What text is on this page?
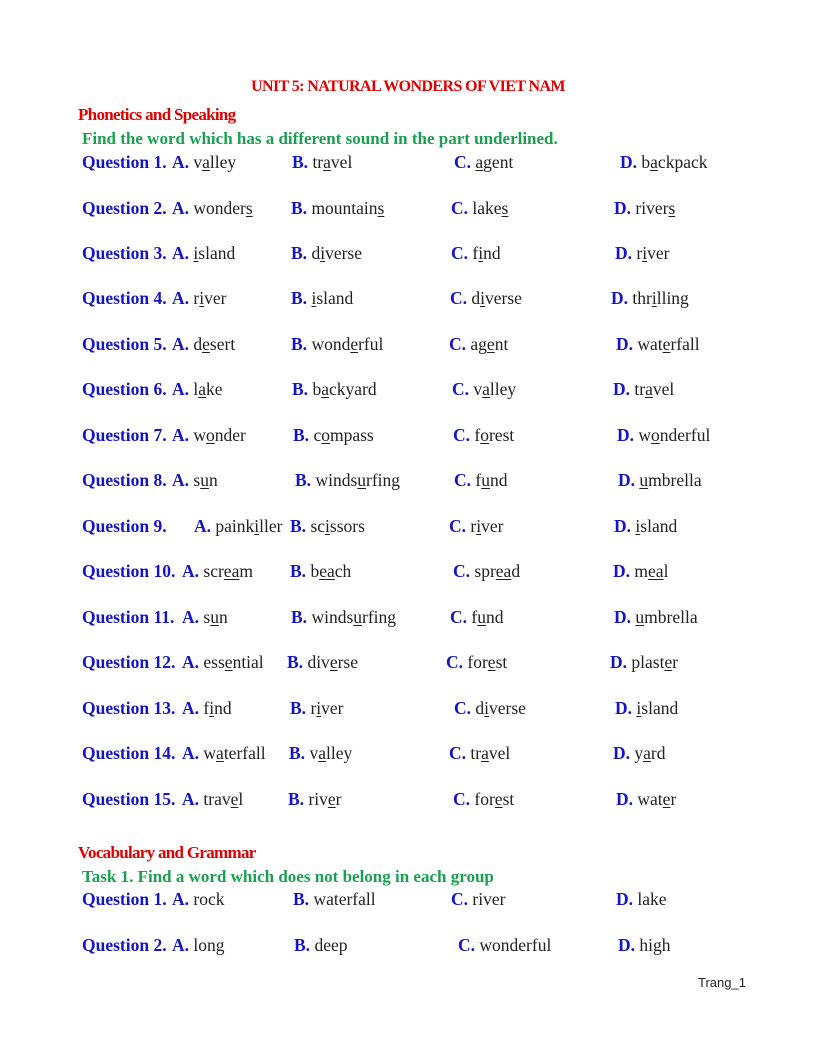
UNIT 5: NATURAL WONDERS OF VIET NAM
Phonetics and Speaking
Find the word which has a different sound in the part underlined.
Question 1. A. valley	B. travel	C. agent	D. backpack
Question 2. A. wonders B. mountains	C. lakes	D. rivers
Question 3. A. island	B. diverse	C. find	D. river
Question 4. A. river	B. island	C. diverse	D. thrilling
Question 5. A. desert	B. wonderful	C. agent	D. waterfall
Question 6. A. lake	B. backyard	C. valley	D. travel
Question 7. A. wonder	B. compass	C. forest	D. wonderful
Question 8. A. sun	B. windsurfing	C. fund	D. umbrella
Question 9. A. painkiller B. scissors	C. river	D. island
Question 10. A. scream B. beach	C. spread	D. meal
Question 11. A. sun	B. windsurfing	C. fund	D. umbrella
Question 12. A. essential B. diverse	C. forest	D. plaster
Question 13. A. find	B. river	C. diverse	D. island
Question 14. A. waterfall B. valley	C. travel	D. yard
Question 15. A. travel	B. river	C. forest	D. water
Vocabulary and Grammar
Task 1. Find a word which does not belong in each group
Question 1. A. rock	B. waterfall	C. river	D. lake
Question 2. A. long	B. deep	C. wonderful	D. high
Trang_1
